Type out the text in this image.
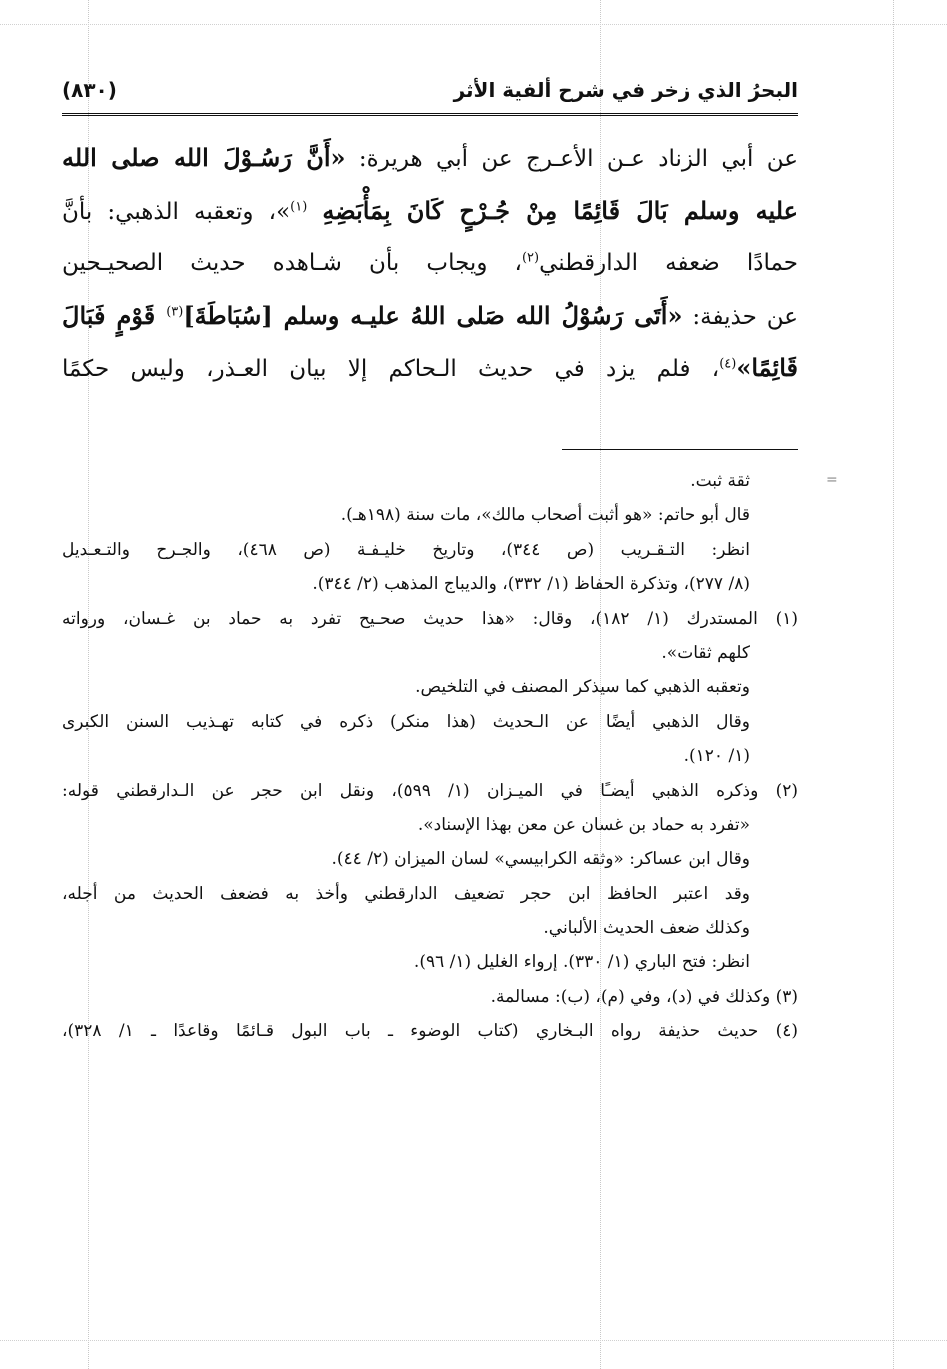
البحرُ الذي زخر في شرح ألفية الأثر
(٨٣٠)
عن أبي الزناد عـن الأعـرج عن أبي هريرة: «أَنَّ رَسُـوْلَ الله صلى الله
عليه وسلم بَالَ قَائِمًا مِنْ جُـرْحٍ كَانَ بِمَأْبَضِهِ $^{(١)}$»، وتعقبه الذهبي: بأنَّ
حمادًا ضعفه الدارقطني$^{(٢)}$، ويجاب بأن شـاهده حديث الصحيـحين
عن حذيفة: «أَتَى رَسُوْلُ الله صَلى اللهُ عليـه وسلم [سُبَاطَةَ]$^{(٣)}$ قَوْمٍ فَبَالَ
قَائِمًا»$^{(٤)}$، فلم يزد في حديث الـحاكم إلا بيان العـذر، وليس حكمًا
=
ثقة ثبت.
قال أبو حاتم: «هو أثبت أصحاب مالك»، مات سنة (١٩٨هـ).
انظر: التـقـريب (ص ٣٤٤)، وتاريخ خليـفـة (ص ٤٦٨)، والجـرح والتـعـديل
(٨/ ٢٧٧)، وتذكرة الحفاظ (١/ ٣٣٢)، والديباج المذهب (٢/ ٣٤٤).
(١) المستدرك (١/ ١٨٢)، وقال: «هذا حديث صحـيح تفرد به حماد بن غـسان، ورواته
كلهم ثقات».
وتعقبه الذهبي كما سيذكر المصنف في التلخيص.
وقال الذهبي أيضًا عن الـحديث (هذا منكر) ذكره في كتابه تهـذيب السنن الكبرى
(١/ ١٢٠).
(٢) وذكره الذهبي أيضـًا في الميـزان (١/ ٥٩٩)، ونقل ابن حجر عن الـدارقطني قوله:
«تفرد به حماد بن غسان عن معن بهذا الإسناد».
وقال ابن عساكر: «وثقه الكرابيسي» لسان الميزان (٢/ ٤٤).
وقد اعتبر الحافظ ابن حجر تضعيف الدارقطني وأخذ به فضعف الحديث من أجله،
وكذلك ضعف الحديث الألباني.
انظر: فتح الباري (١/ ٣٣٠). إرواء الغليل (١/ ٩٦).
(٣) وكذلك في (د)، وفي (م)، (ب): مسالمة.
(٤) حديث حذيفة رواه البـخاري (كتاب الوضوء ـ باب البول قـائمًا وقاعدًا ـ ١/ ٣٢٨)،
